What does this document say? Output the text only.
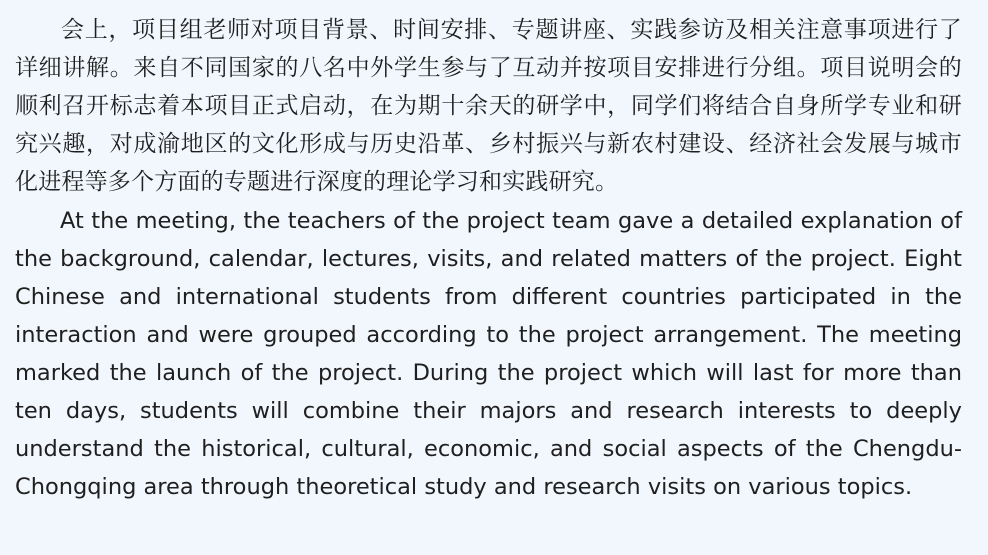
会上，项目组老师对项目背景、时间安排、专题讲座、实践参访及相关注意事项进行了详细讲解。来自不同国家的八名中外学生参与了互动并按项目安排进行分组。项目说明会的顺利召开标志着本项目正式启动，在为期十余天的研学中，同学们将结合自身所学专业和研究兴趣，对成渝地区的文化形成与历史沿革、乡村振兴与新农村建设、经济社会发展与城市化进程等多个方面的专题进行深度的理论学习和实践研究。

At the meeting, the teachers of the project team gave a detailed explanation of the background, calendar, lectures, visits, and related matters of the project. Eight Chinese and international students from different countries participated in the interaction and were grouped according to the project arrangement. The meeting marked the launch of the project. During the project which will last for more than ten days, students will combine their majors and research interests to deeply understand the historical, cultural, economic, and social aspects of the Chengdu-Chongqing area through theoretical study and research visits on various topics.
